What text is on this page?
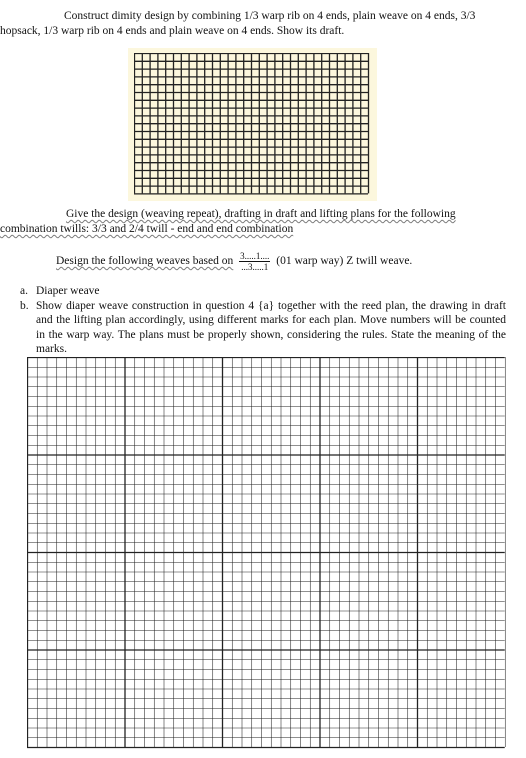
Construct dimity design by combining 1/3 warp rib on 4 ends, plain weave on 4 ends, 3/3
hopsack, 1/3 warp rib on 4 ends and plain weave on 4 ends. Show its draft.
Give the design (weaving repeat), drafting in draft and lifting plans for the following
combination twills: 3/3 and 2/4 twill - end and end combination
Design the following weaves based on $\frac{3.....1....}{...3.....1} (01$ warp way) Z twill weave.
a. Diaper weave
b. Show diaper weave construction in question 4 {a} together with the reed plan, the drawing in draft and the lifting plan accordingly, using different marks for each plan. Move numbers will be counted in the warp way. The plans must be properly shown, considering the rules. State the meaning of the marks.
